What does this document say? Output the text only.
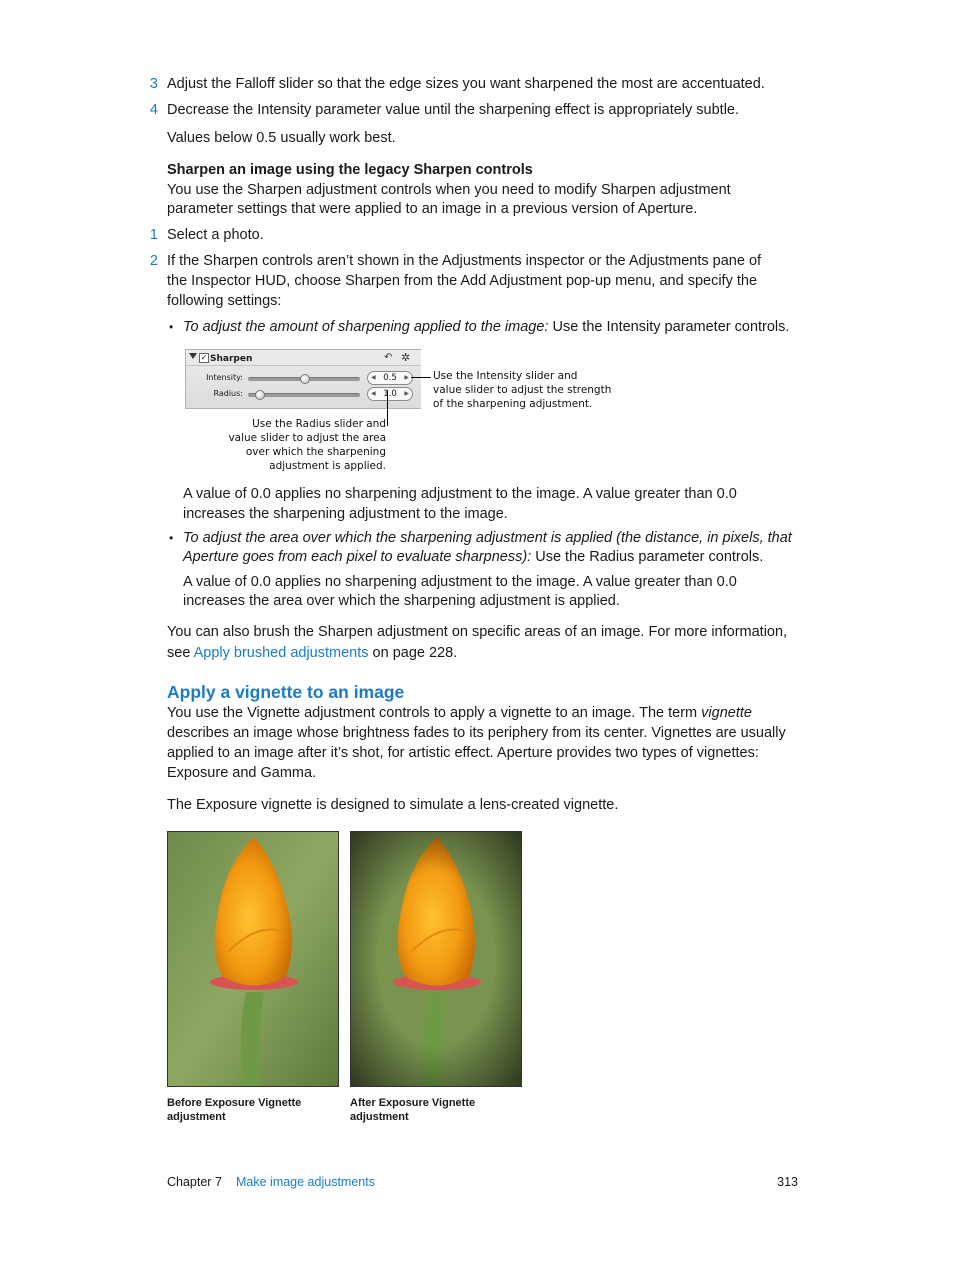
3 Adjust the Falloff slider so that the edge sizes you want sharpened the most are accentuated.
4 Decrease the Intensity parameter value until the sharpening effect is appropriately subtle.
Values below 0.5 usually work best.
Sharpen an image using the legacy Sharpen controls
You use the Sharpen adjustment controls when you need to modify Sharpen adjustment
parameter settings that were applied to an image in a previous version of Aperture.
1 Select a photo.
2 If the Sharpen controls aren’t shown in the Adjustments inspector or the Adjustments pane of
the Inspector HUD, choose Sharpen from the Add Adjustment pop-up menu, and specify the
following settings:
• To adjust the amount of sharpening applied to the image: Use the Intensity parameter controls.
✓ Sharpen	↶ ✲
Intensity:	◀ 0.5 ▶
Radius:	◀ 1.0 ▶
Use the Intensity slider and
value slider to adjust the strength
of the sharpening adjustment.
Use the Radius slider and
value slider to adjust the area
over which the sharpening
adjustment is applied.
A value of 0.0 applies no sharpening adjustment to the image. A value greater than 0.0
increases the sharpening adjustment to the image.
• To adjust the area over which the sharpening adjustment is applied (the distance, in pixels, that
Aperture goes from each pixel to evaluate sharpness): Use the Radius parameter controls.
A value of 0.0 applies no sharpening adjustment to the image. A value greater than 0.0
increases the area over which the sharpening adjustment is applied.
You can also brush the Sharpen adjustment on specific areas of an image. For more information,
see Apply brushed adjustments on page 228.
Apply a vignette to an image
You use the Vignette adjustment controls to apply a vignette to an image. The term vignette
describes an image whose brightness fades to its periphery from its center. Vignettes are usually
applied to an image after it’s shot, for artistic effect. Aperture provides two types of vignettes:
Exposure and Gamma.
The Exposure vignette is designed to simulate a lens-created vignette.
Before Exposure Vignette
adjustment
After Exposure Vignette
adjustment
Chapter 7 Make image adjustments	313
